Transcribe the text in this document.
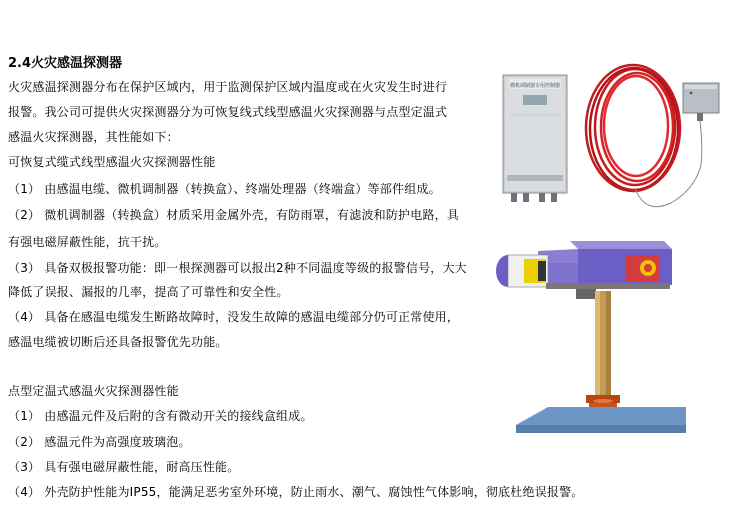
2.4火灾感温探测器
火灾感温探测器分布在保护区域内，用于监测保护区域内温度或在火灾发生时进行
报警。我公司可提供火灾探测器分为可恢复线式线型感温火灾探测器与点型定温式
感温火灾探测器，其性能如下：
可恢复式缆式线型感温火灾探测器性能
（1） 由感温电缆、微机调制器（转换盒）、终端处理器（终端盒）等部件组成。
（2） 微机调制器（转换盒）材质采用金属外壳，有防雨罩，有滤波和防护电路，具
有强电磁屏蔽性能，抗干扰。
（3） 具备双极报警功能：即一根探测器可以报出2种不同温度等级的报警信号，大大
降低了误报、漏报的几率，提高了可靠性和安全性。
（4） 具备在感温电缆发生断路故障时，没发生故障的感温电缆部分仍可正常使用，
感温电缆被切断后还具备报警优先功能。
点型定温式感温火灾探测器性能
（1） 由感温元件及后附的含有微动开关的接线盒组成。
（2） 感温元件为高强度玻璃泡。
（3） 具有强电磁屏蔽性能，耐高压性能。
（4） 外壳防护性能为IP55，能满足恶劣室外环境，防止雨水、潮气、腐蚀性气体影响，彻底杜绝误报警。
微机调制器专用控制器
